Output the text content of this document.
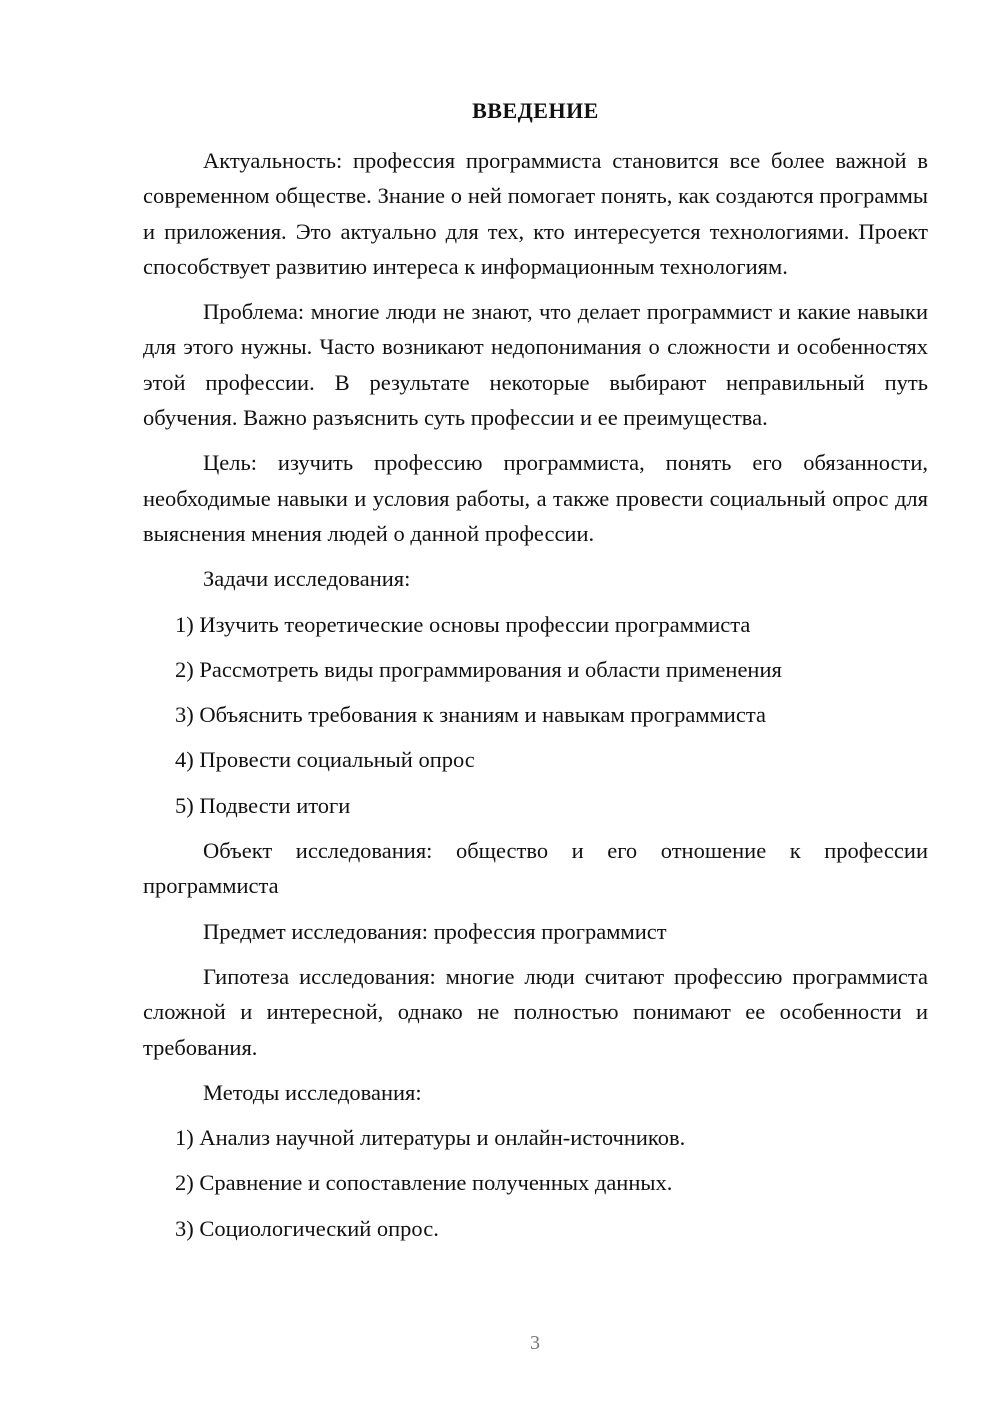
ВВЕДЕНИЕ

Актуальность: профессия программиста становится все более важной в современном обществе. Знание о ней помогает понять, как создаются программы и приложения. Это актуально для тех, кто интересуется технологиями. Проект способствует развитию интереса к информационным технологиям.

Проблема: многие люди не знают, что делает программист и какие навыки для этого нужны. Часто возникают недопонимания о сложности и особенностях этой профессии. В результате некоторые выбирают неправильный путь обучения. Важно разъяснить суть профессии и ее преимущества.

Цель: изучить профессию программиста, понять его обязанности, необходимые навыки и условия работы, а также провести социальный опрос для выяснения мнения людей о данной профессии.

Задачи исследования:

1) Изучить теоретические основы профессии программиста
2) Рассмотреть виды программирования и области применения
3) Объяснить требования к знаниям и навыкам программиста
4) Провести социальный опрос
5) Подвести итоги

Объект исследования: общество и его отношение к профессии программиста

Предмет исследования: профессия программист

Гипотеза исследования: многие люди считают профессию программиста сложной и интересной, однако не полностью понимают ее особенности и требования.

Методы исследования:

1) Анализ научной литературы и онлайн-источников.
2) Сравнение и сопоставление полученных данных.
3) Социологический опрос.
3
